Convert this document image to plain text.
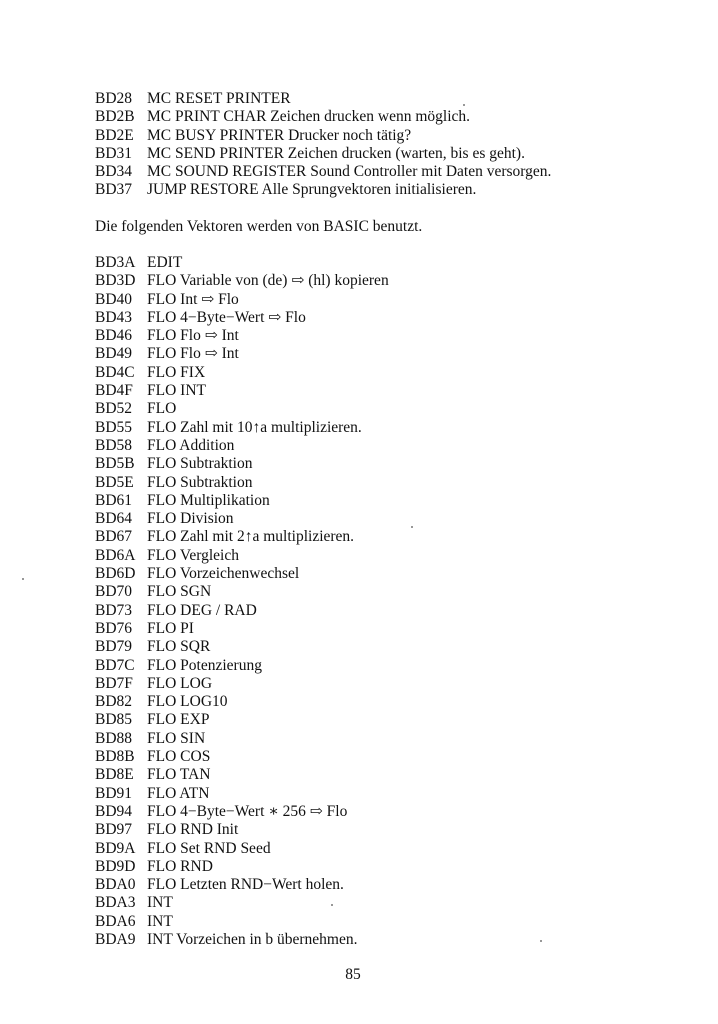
BD28 MC RESET PRINTER
BD2B MC PRINT CHAR Zeichen drucken wenn möglich.
BD2E MC BUSY PRINTER Drucker noch tätig?
BD31 MC SEND PRINTER Zeichen drucken (warten, bis es geht).
BD34 MC SOUND REGISTER Sound Controller mit Daten versorgen.
BD37 JUMP RESTORE Alle Sprungvektoren initialisieren.
Die folgenden Vektoren werden von BASIC benutzt.
BD3A EDIT
BD3D FLO Variable von (de) ⇨ (hl) kopieren
BD40 FLO Int ⇨ Flo
BD43 FLO 4−Byte−Wert ⇨ Flo
BD46 FLO Flo ⇨ Int
BD49 FLO Flo ⇨ Int
BD4C FLO FIX
BD4F FLO INT
BD52 FLO
BD55 FLO Zahl mit 10↑a multiplizieren.
BD58 FLO Addition
BD5B FLO Subtraktion
BD5E FLO Subtraktion
BD61 FLO Multiplikation
BD64 FLO Division
BD67 FLO Zahl mit 2↑a multiplizieren.
BD6A FLO Vergleich
BD6D FLO Vorzeichenwechsel
BD70 FLO SGN
BD73 FLO DEG / RAD
BD76 FLO PI
BD79 FLO SQR
BD7C FLO Potenzierung
BD7F FLO LOG
BD82 FLO LOG10
BD85 FLO EXP
BD88 FLO SIN
BD8B FLO COS
BD8E FLO TAN
BD91 FLO ATN
BD94 FLO 4−Byte−Wert ∗ 256 ⇨ Flo
BD97 FLO RND Init
BD9A FLO Set RND Seed
BD9D FLO RND
BDA0 FLO Letzten RND−Wert holen.
BDA3 INT
BDA6 INT
BDA9 INT Vorzeichen in b übernehmen.
85
